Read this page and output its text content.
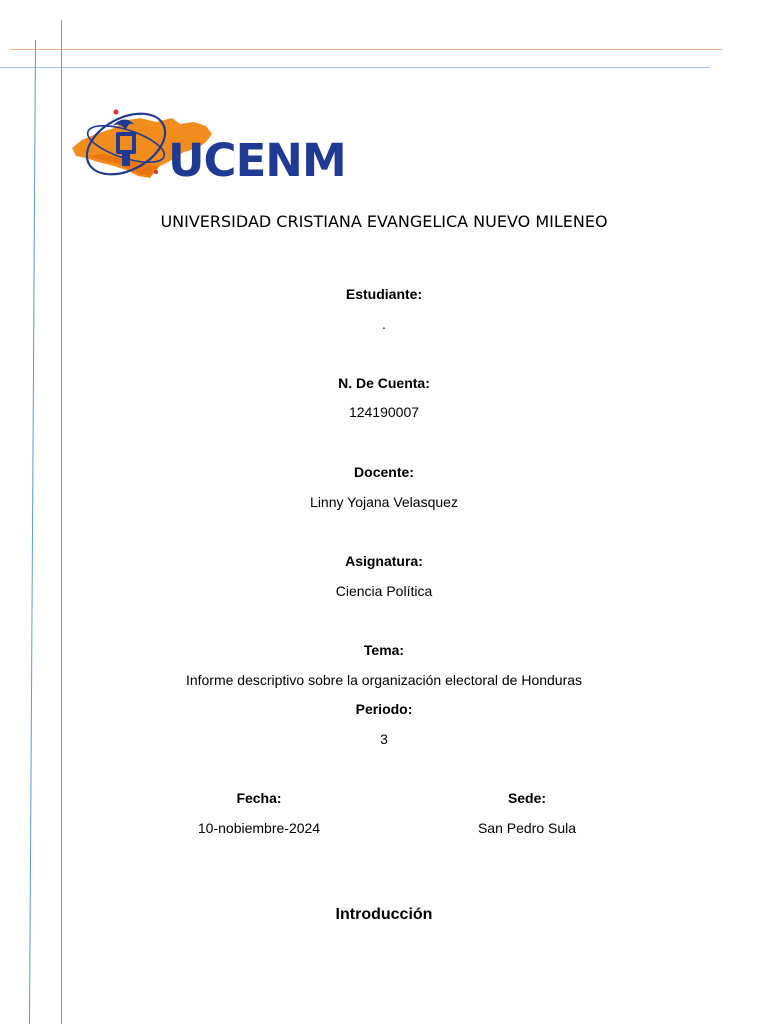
UCENM
UNIVERSIDAD CRISTIANA EVANGELICA NUEVO MILENEO
Estudiante:
.
N. De Cuenta:
124190007
Docente:
Linny Yojana Velasquez
Asignatura:
Ciencia Política
Tema:
Informe descriptivo sobre la organización electoral de Honduras
Periodo:
3
Fecha:
10-nobiembre-2024
Sede:
San Pedro Sula
Introducción
